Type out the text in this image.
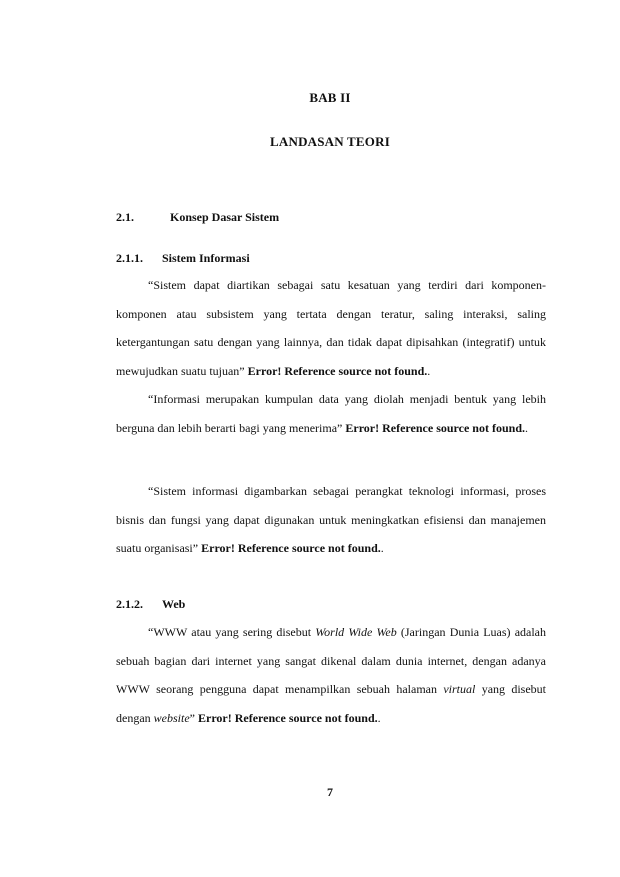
BAB II
LANDASAN TEORI
2.1.	Konsep Dasar Sistem
2.1.1. Sistem Informasi
“Sistem dapat diartikan sebagai satu kesatuan yang terdiri dari komponen-komponen atau subsistem yang tertata dengan teratur, saling interaksi, saling ketergantungan satu dengan yang lainnya, dan tidak dapat dipisahkan (integratif) untuk mewujudkan suatu tujuan” Error! Reference source not found..
“Informasi merupakan kumpulan data yang diolah menjadi bentuk yang lebih berguna dan lebih berarti bagi yang menerima” Error! Reference source not found..
“Sistem informasi digambarkan sebagai perangkat teknologi informasi, proses bisnis dan fungsi yang dapat digunakan untuk meningkatkan efisiensi dan manajemen suatu organisasi” Error! Reference source not found..
2.1.2. Web
“WWW atau yang sering disebut World Wide Web (Jaringan Dunia Luas) adalah sebuah bagian dari internet yang sangat dikenal dalam dunia internet, dengan adanya WWW seorang pengguna dapat menampilkan sebuah halaman virtual yang disebut dengan website” Error! Reference source not found..
7
